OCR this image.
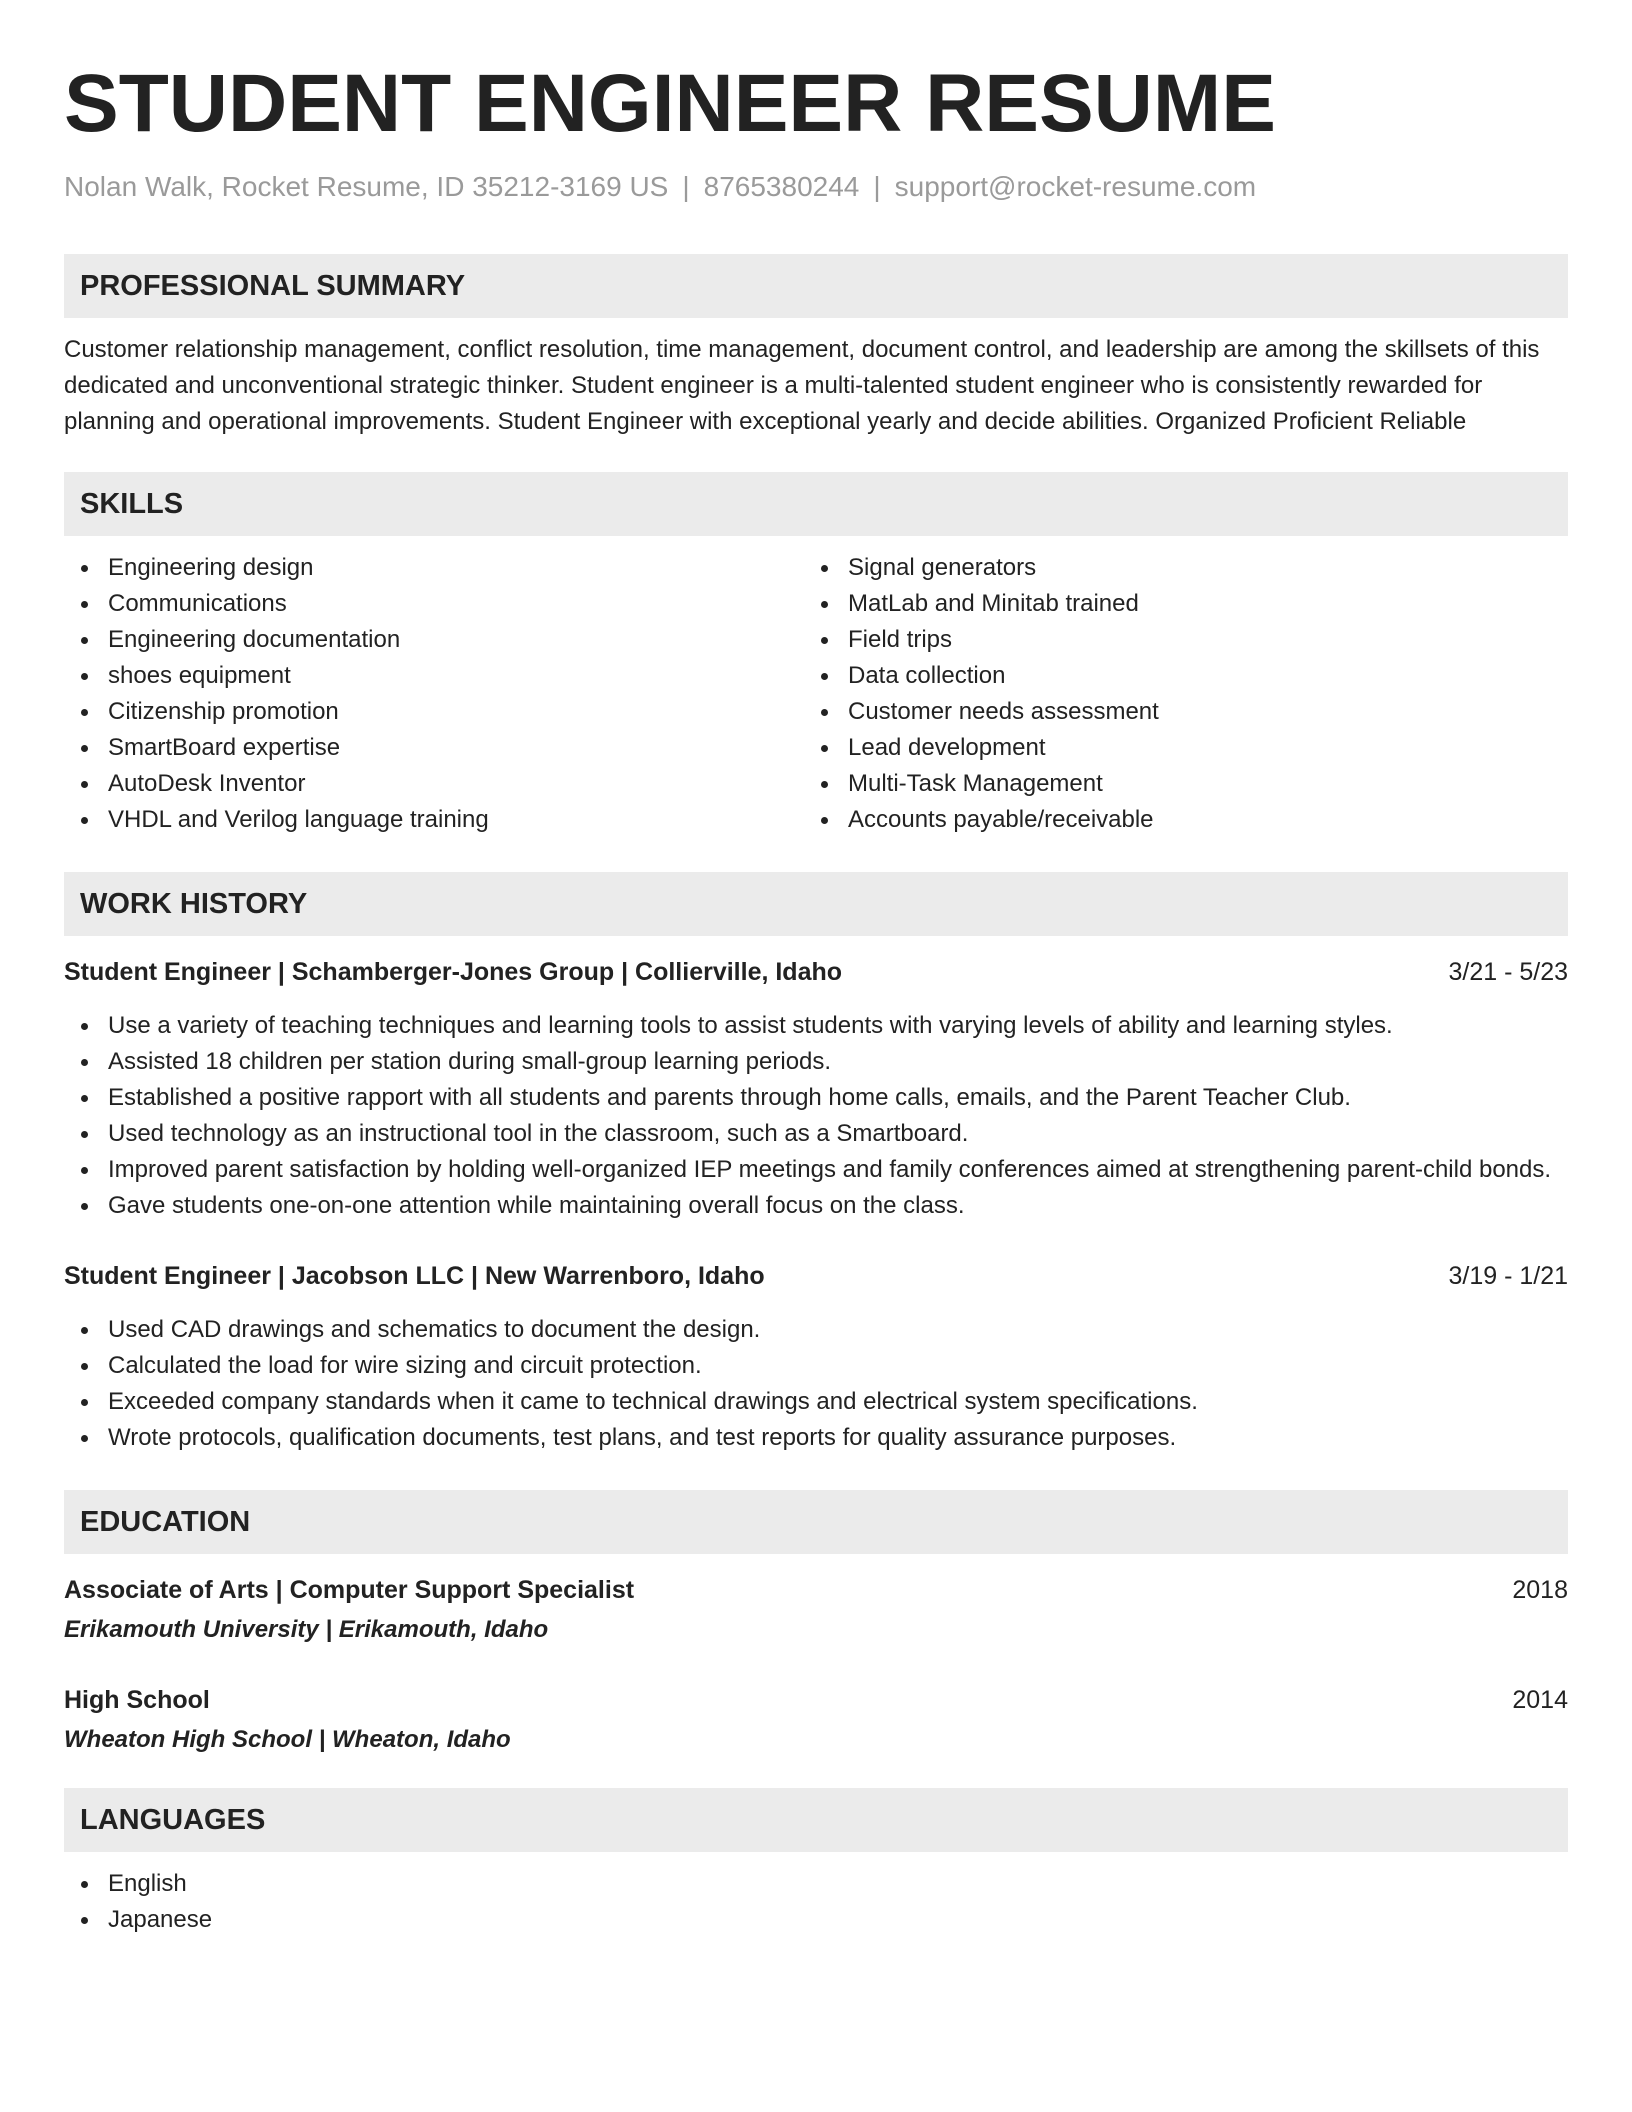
STUDENT ENGINEER RESUME
Nolan Walk, Rocket Resume, ID 35212-3169 US | 8765380244 | support@rocket-resume.com
PROFESSIONAL SUMMARY

Customer relationship management, conflict resolution, time management, document control, and leadership are among the skillsets of this dedicated and unconventional strategic thinker. Student engineer is a multi-talented student engineer who is consistently rewarded for planning and operational improvements. Student Engineer with exceptional yearly and decide abilities. Organized Proficient Reliable

SKILLS
Engineering design
Communications
Engineering documentation
shoes equipment
Citizenship promotion
SmartBoard expertise
AutoDesk Inventor
VHDL and Verilog language training
Signal generators
MatLab and Minitab trained
Field trips
Data collection
Customer needs assessment
Lead development
Multi-Task Management
Accounts payable/receivable
WORK HISTORY
Student Engineer | Schamberger-Jones Group | Collierville, Idaho	3/21 - 5/23
Use a variety of teaching techniques and learning tools to assist students with varying levels of ability and learning styles.
Assisted 18 children per station during small-group learning periods.
Established a positive rapport with all students and parents through home calls, emails, and the Parent Teacher Club.
Used technology as an instructional tool in the classroom, such as a Smartboard.
Improved parent satisfaction by holding well-organized IEP meetings and family conferences aimed at strengthening parent-child bonds.
Gave students one-on-one attention while maintaining overall focus on the class.
Student Engineer | Jacobson LLC | New Warrenboro, Idaho	3/19 - 1/21
Used CAD drawings and schematics to document the design.
Calculated the load for wire sizing and circuit protection.
Exceeded company standards when it came to technical drawings and electrical system specifications.
Wrote protocols, qualification documents, test plans, and test reports for quality assurance purposes.
EDUCATION
Associate of Arts | Computer Support Specialist	2018
Erikamouth University | Erikamouth, Idaho
High School	2014
Wheaton High School | Wheaton, Idaho
LANGUAGES
English
Japanese
